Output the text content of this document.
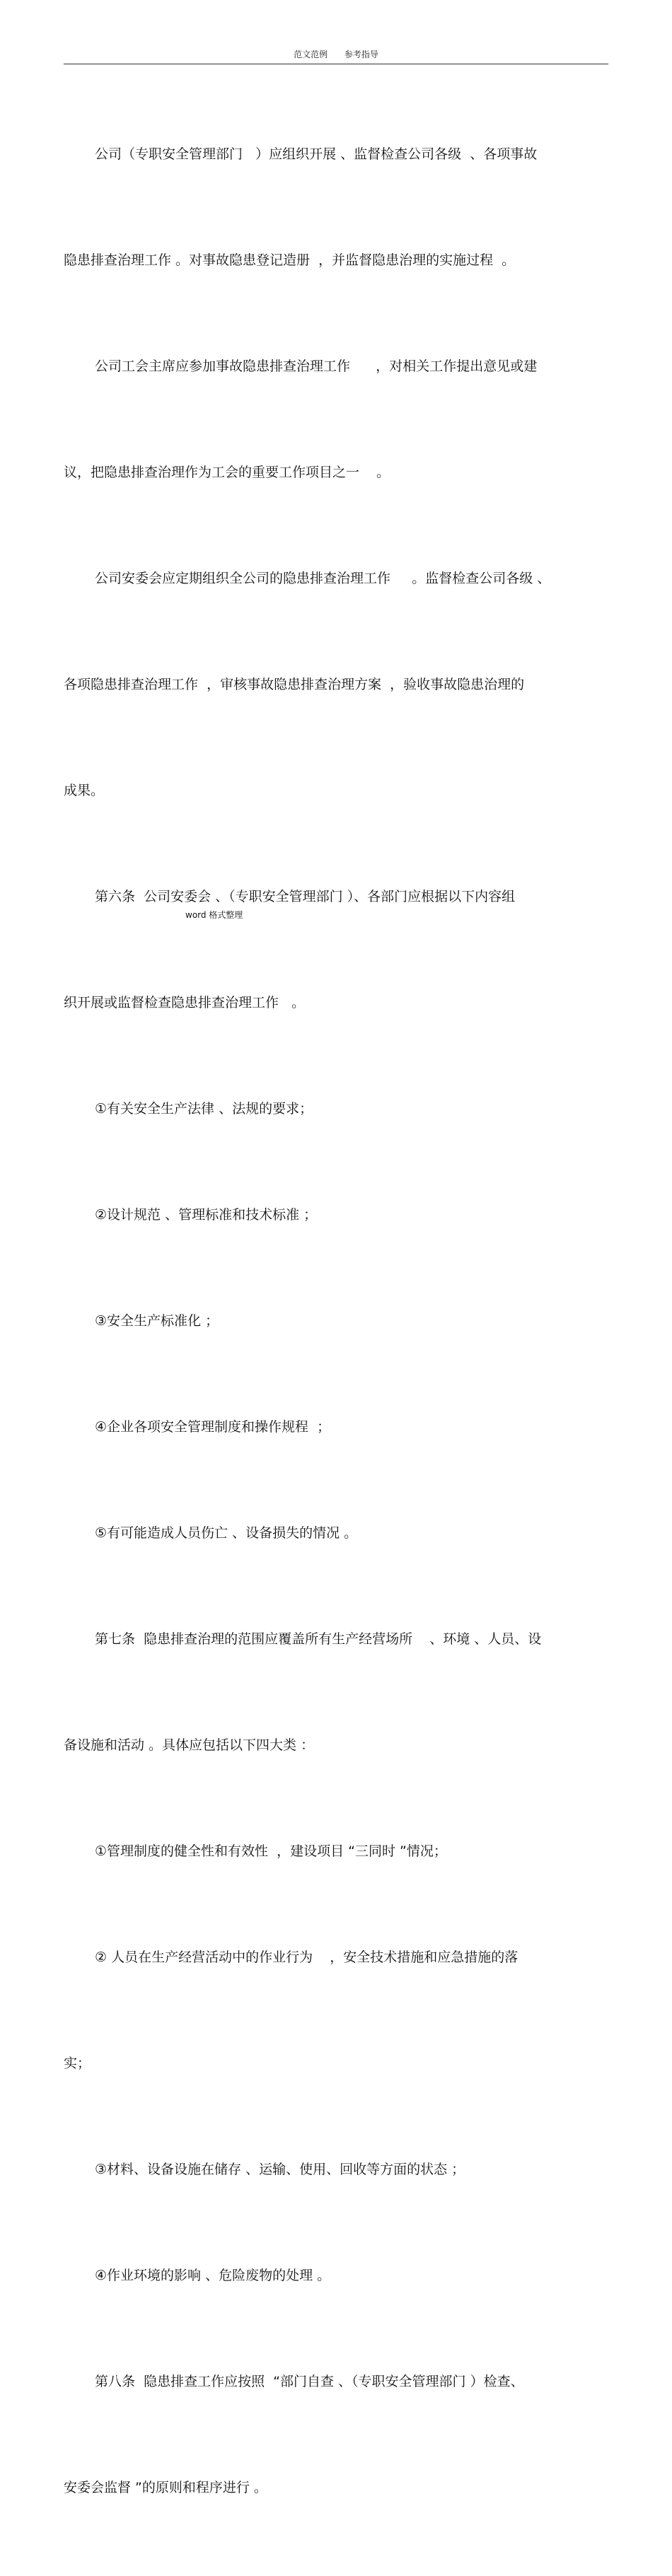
范文范例 参考指导

公司（专职安全管理部门   ）应组织开展 、监督检查公司各级  、各项事故

隐患排查治理工作 。对事故隐患登记造册  ，并监督隐患治理的实施过程  。

公司工会主席应参加事故隐患排查治理工作      ，对相关工作提出意见或建

议，把隐患排查治理作为工会的重要工作项目之一    。

公司安委会应定期组织全公司的隐患排查治理工作     。监督检查公司各级 、

各项隐患排查治理工作  ，审核事故隐患排查治理方案  ，验收事故隐患治理的

成果。

第六条  公司安委会 、（专职安全管理部门 ）、各部门应根据以下内容组

织开展或监督检查隐患排查治理工作   。

①有关安全生产法律 、法规的要求；

②设计规范 、管理标准和技术标准 ；

③安全生产标准化 ；

④企业各项安全管理制度和操作规程  ；

⑤有可能造成人员伤亡 、设备损失的情况 。

第七条  隐患排查治理的范围应覆盖所有生产经营场所    、环境 、人员、设

备设施和活动 。具体应包括以下四大类 ：

①管理制度的健全性和有效性  ，建设项目 “三同时 ”情况；

② 人员在生产经营活动中的作业行为    ，安全技术措施和应急措施的落

实；

③材料、设备设施在储存 、运输、使用、回收等方面的状态 ；

④作业环境的影响 、危险废物的处理 。

第八条  隐患排查工作应按照  “部门自查 、（专职安全管理部门 ）检查、

安委会监督 ”的原则和程序进行 。

word 格式整理
